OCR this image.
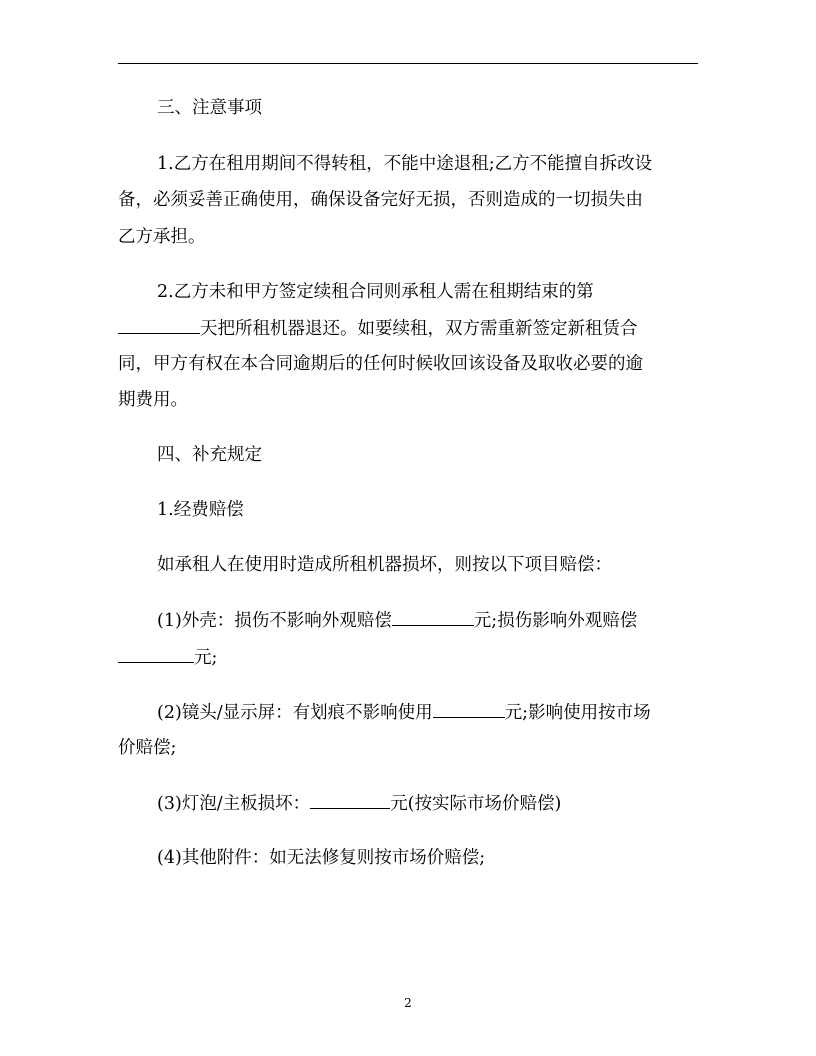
三、注意事项
1.乙方在租用期间不得转租，不能中途退租;乙方不能擅自拆改设
备，必须妥善正确使用，确保设备完好无损，否则造成的一切损失由
乙方承担。
2.乙方未和甲方签定续租合同则承租人需在租期结束的第
天把所租机器退还。如要续租，双方需重新签定新租赁合
同，甲方有权在本合同逾期后的任何时候收回该设备及取收必要的逾
期费用。
四、补充规定
1.经费赔偿
如承租人在使用时造成所租机器损坏，则按以下项目赔偿：
(1)外壳：损伤不影响外观赔偿	元;损伤影响外观赔偿
元;
(2)镜头/显示屏：有划痕不影响使用	元;影响使用按市场
价赔偿;
(3)灯泡/主板损坏：	元(按实际市场价赔偿)
(4)其他附件：如无法修复则按市场价赔偿;
2
